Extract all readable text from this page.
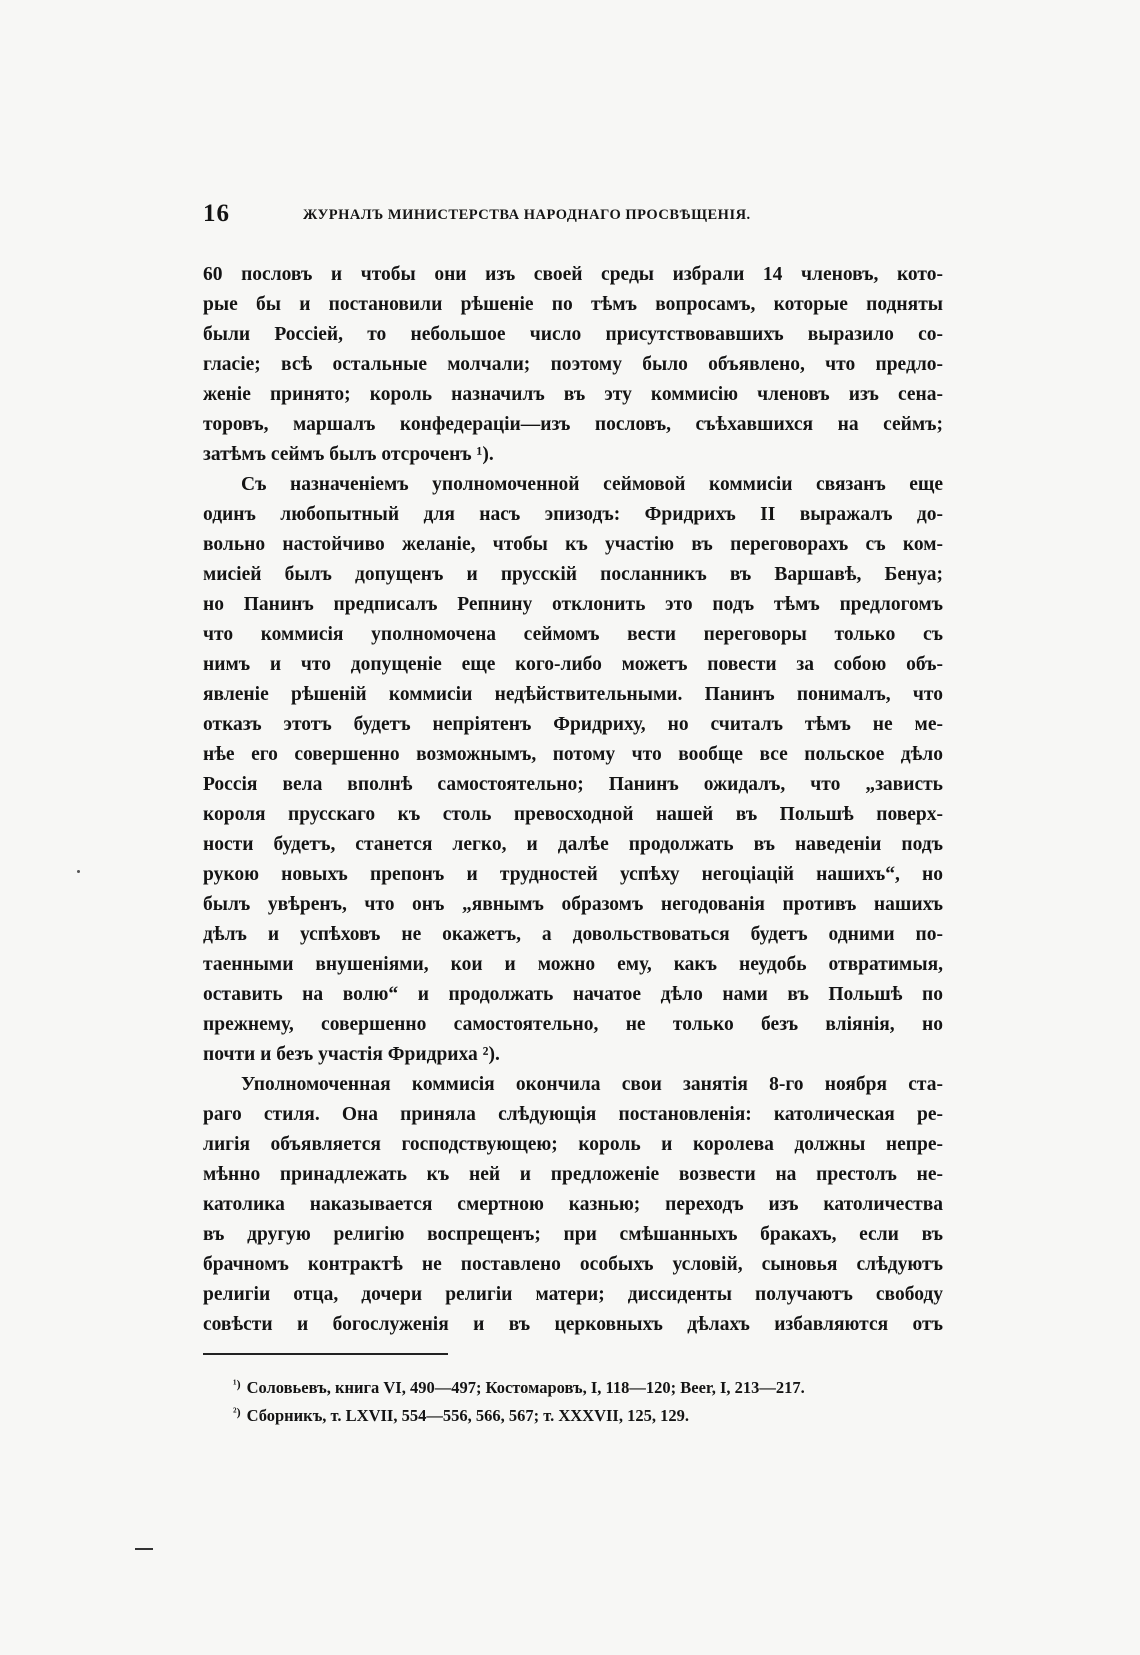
16	ЖУРНАЛЪ МИНИСТЕРСТВА НАРОДНАГО ПРОСВѢЩЕНІЯ.
60 пословъ и чтобы они изъ своей среды избрали 14 членовъ, кото-
рые бы и постановили рѣшеніе по тѣмъ вопросамъ, которые подняты
были Россіей, то небольшое число присутствовавшихъ выразило со-
гласіе; всѣ остальные молчали; поэтому было объявлено, что предло-
женіе принято; король назначилъ въ эту коммисію членовъ изъ сена-
торовъ, маршалъ конфедераціи—изъ пословъ, съѣхавшихся на сеймъ;
затѣмъ сеймъ былъ отсроченъ ¹).
Съ назначеніемъ уполномоченной сеймовой коммисіи связанъ еще
одинъ любопытный для насъ эпизодъ: Фридрихъ II выражалъ до-
вольно настойчиво желаніе, чтобы къ участію въ переговорахъ съ ком-
мисіей былъ допущенъ и прусскій посланникъ въ Варшавѣ, Бенуа;
но Панинъ предписалъ Репнину отклонить это подъ тѣмъ предлогомъ
что коммисія уполномочена сеймомъ вести переговоры только съ
нимъ и что допущеніе еще кого-либо можетъ повести за собою объ-
явленіе рѣшеній коммисіи недѣйствительными. Панинъ понималъ, что
отказъ этотъ будетъ непріятенъ Фридриху, но считалъ тѣмъ не ме-
нѣе его совершенно возможнымъ, потому что вообще все польское дѣло
Россія вела вполнѣ самостоятельно; Панинъ ожидалъ, что „зависть
короля прусскаго къ столь превосходной нашей въ Польшѣ поверх-
ности будетъ, станется легко, и далѣе продолжать въ наведеніи подъ
рукою новыхъ препонъ и трудностей успѣху негоціацій нашихъ“, но
былъ увѣренъ, что онъ „явнымъ образомъ негодованія противъ нашихъ
дѣлъ и успѣховъ не окажетъ, а довольствоваться будетъ одними по-
таенными внушеніями, кои и можно ему, какъ неудобь отвратимыя,
оставить на волю“ и продолжать начатое дѣло нами въ Польшѣ по
прежнему, совершенно самостоятельно, не только безъ вліянія, но
почти и безъ участія Фридриха ²).
Уполномоченная коммисія окончила свои занятія 8-го ноября ста-
раго стиля. Она приняла слѣдующія постановленія: католическая ре-
лигія объявляется господствующею; король и королева должны непре-
мѣнно принадлежать къ ней и предложеніе возвести на престолъ не-
католика наказывается смертною казнью; переходъ изъ католичества
въ другую религію воспрещенъ; при смѣшанныхъ бракахъ, если въ
брачномъ контрактѣ не поставлено особыхъ условій, сыновья слѣдуютъ
религіи отца, дочери религіи матери; диссиденты получаютъ свободу
совѣсти и богослуженія и въ церковныхъ дѣлахъ избавляются отъ
$^{^1)}$ Соловьевъ, книга VI, 490—497; Костомаровъ, I, 118—120; Beer, I, 213—217.
$^{^2)}$ Сборникъ, т. LXVII, 554—556, 566, 567; т. XXXVII, 125, 129.
